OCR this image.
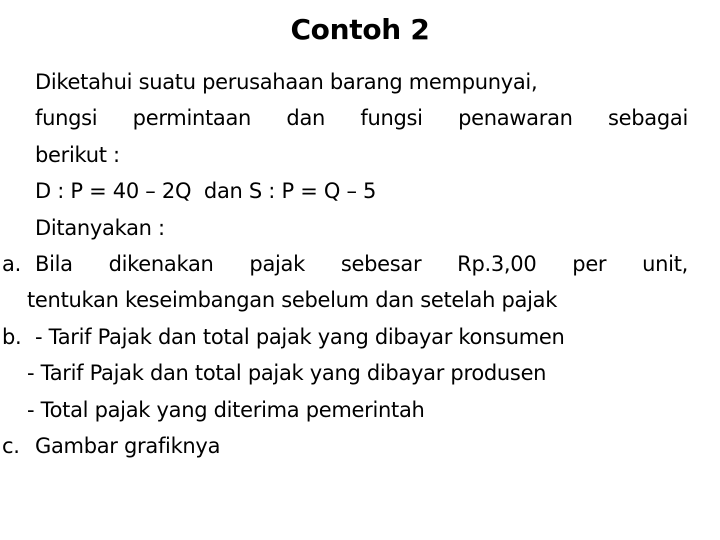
Contoh 2
Diketahui suatu perusahaan barang mempunyai,
fungsi permintaan dan fungsi penawaran sebagai
berikut :
D : P = 40 – 2Q  dan S : P = Q – 5
Ditanyakan :
a. Bila dikenakan pajak sebesar Rp.3,00 per unit,
tentukan keseimbangan sebelum dan setelah pajak
b. - Tarif Pajak dan total pajak yang dibayar konsumen
- Tarif Pajak dan total pajak yang dibayar produsen
- Total pajak yang diterima pemerintah
c. Gambar grafiknya
